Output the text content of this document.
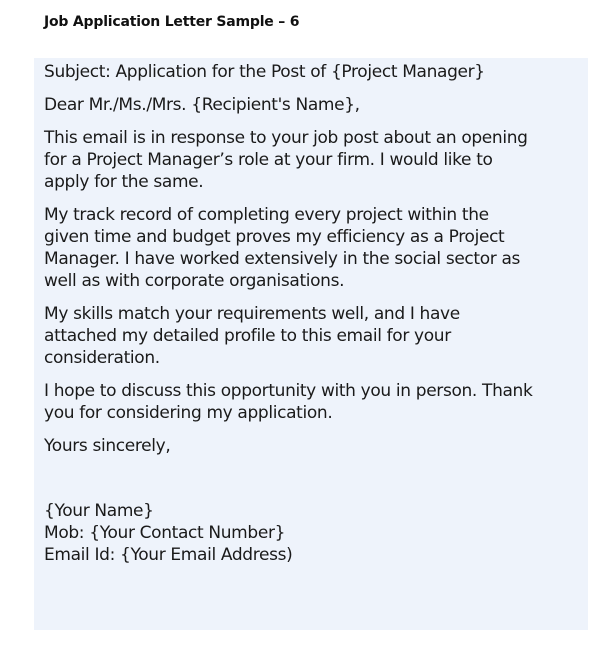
Job Application Letter Sample – 6

Subject: Application for the Post of {Project Manager}

Dear Mr./Ms./Mrs. {Recipient's Name},

This email is in response to your job post about an opening
for a Project Manager’s role at your firm. I would like to
apply for the same.

My track record of completing every project within the
given time and budget proves my efficiency as a Project
Manager. I have worked extensively in the social sector as
well as with corporate organisations.

My skills match your requirements well, and I have
attached my detailed profile to this email for your
consideration.

I hope to discuss this opportunity with you in person. Thank
you for considering my application.

Yours sincerely,

{Your Name}
Mob: {Your Contact Number}
Email Id: {Your Email Address)
